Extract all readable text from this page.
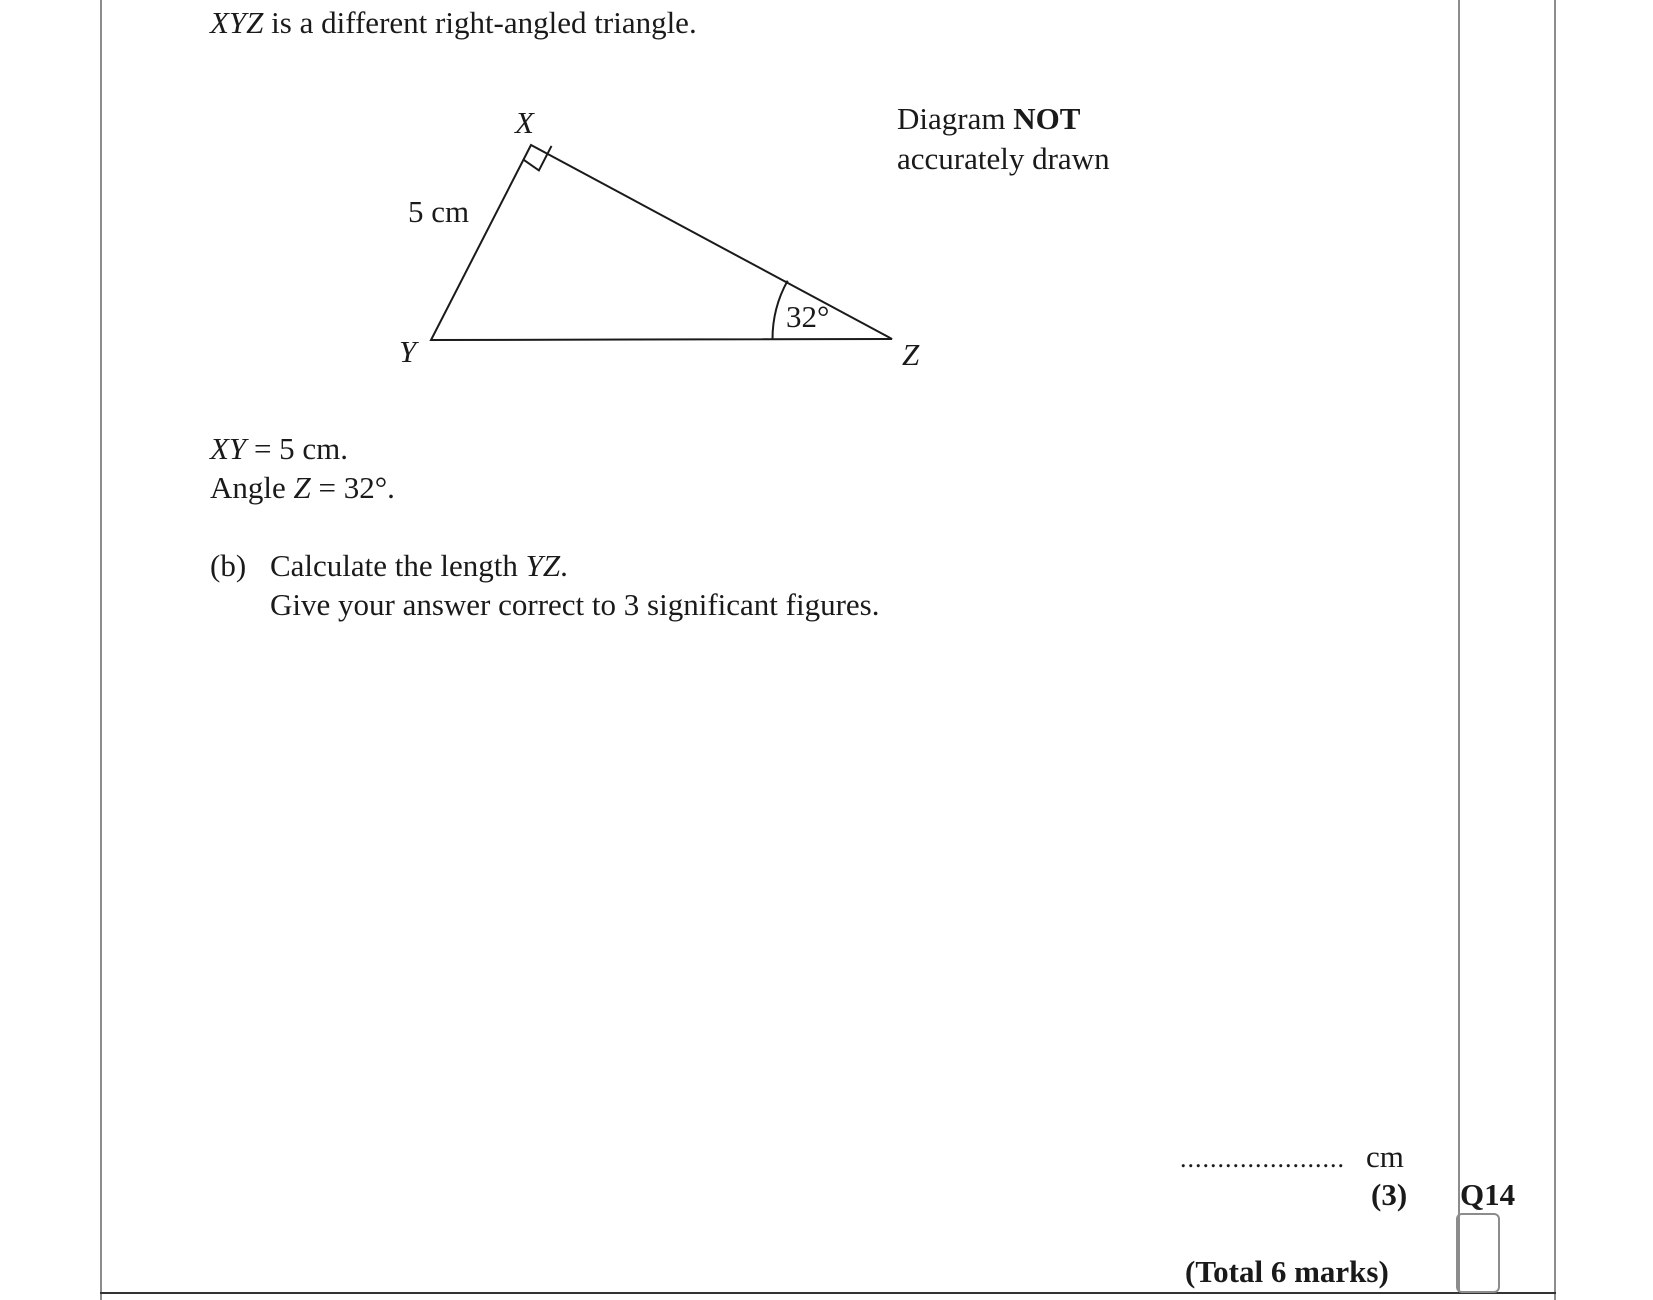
XYZ is a different right-angled triangle.
X
Y	Z
5 cm
32°
Diagram NOT
accurately drawn
XY = 5 cm.
Angle Z = 32°.
(b) Calculate the length YZ.
Give your answer correct to 3 significant figures.
...................... cm
(3) Q14
(Total 6 marks)
